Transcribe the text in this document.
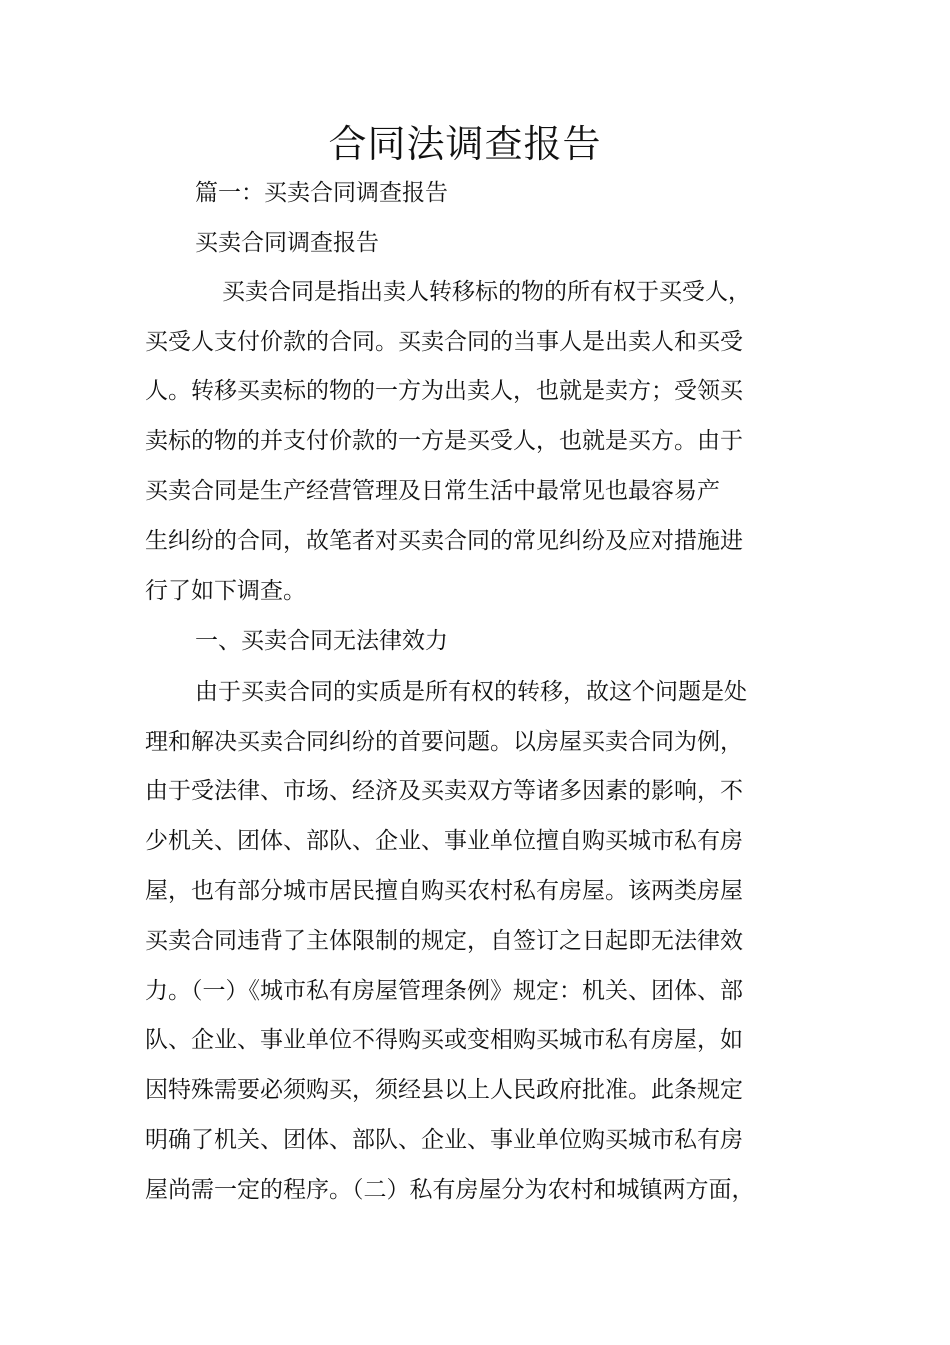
合同法调查报告
篇一：买卖合同调查报告
买卖合同调查报告
买卖合同是指出卖人转移标的物的所有权于买受人，
买受人支付价款的合同。买卖合同的当事人是出卖人和买受
人。转移买卖标的物的一方为出卖人，也就是卖方；受领买
卖标的物的并支付价款的一方是买受人，也就是买方。由于
买卖合同是生产经营管理及日常生活中最常见也最容易产
生纠纷的合同，故笔者对买卖合同的常见纠纷及应对措施进
行了如下调查。
一、买卖合同无法律效力
由于买卖合同的实质是所有权的转移，故这个问题是处
理和解决买卖合同纠纷的首要问题。以房屋买卖合同为例，
由于受法律、市场、经济及买卖双方等诸多因素的影响，不
少机关、团体、部队、企业、事业单位擅自购买城市私有房
屋，也有部分城市居民擅自购买农村私有房屋。该两类房屋
买卖合同违背了主体限制的规定，自签订之日起即无法律效
力。（一）《城市私有房屋管理条例》规定：机关、团体、部
队、企业、事业单位不得购买或变相购买城市私有房屋，如
因特殊需要必须购买，须经县以上人民政府批准。此条规定
明确了机关、团体、部队、企业、事业单位购买城市私有房
屋尚需一定的程序。（二）私有房屋分为农村和城镇两方面，
